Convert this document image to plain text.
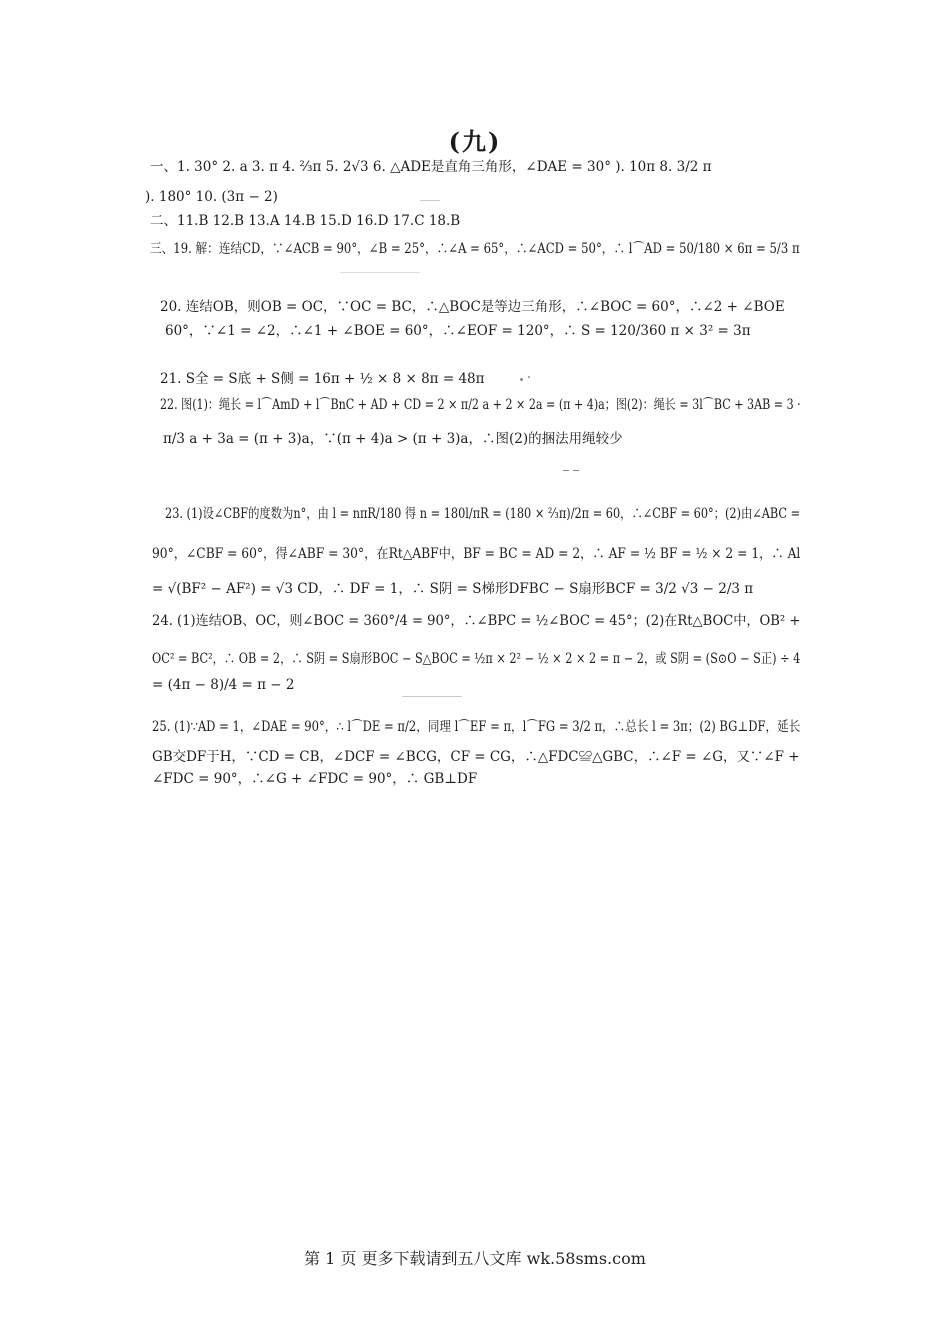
(九)
一、1. 30° 2. a 3. π 4. ⅔π 5. 2√3 6. △ADE是直角三角形，∠DAE = 30° ). 10π 8. 3/2 π
). 180° 10. (3π − 2)
二、11.B 12.B 13.A 14.B 15.D 16.D 17.C 18.B
三、19. 解：连结CD，∵∠ACB = 90°，∠B = 25°，∴∠A = 65°，∴∠ACD = 50°，∴ l⌒AD = 50/180 × 6π = 5/3 π
20. 连结OB，则OB = OC，∵OC = BC，∴△BOC是等边三角形，∴∠BOC = 60°，∴∠2 + ∠BOE
60°，∵∠1 = ∠2，∴∠1 + ∠BOE = 60°，∴∠EOF = 120°，∴ S = 120/360 π × 3² = 3π
21. S全 = S底 + S侧 = 16π + ½ × 8 × 8π = 48π
22. 图(1)：绳长 = l⌒AmD + l⌒BnC + AD + CD = 2 × π/2 a + 2 × 2a = (π + 4)a；图(2)：绳长 = 3l⌒BC + 3AB = 3 ·
π/3 a + 3a = (π + 3)a，∵(π + 4)a > (π + 3)a，∴图(2)的捆法用绳较少
23. (1)设∠CBF的度数为n°，由 l = nπR/180 得 n = 180l/πR = (180 × ⅔π)/2π = 60，∴∠CBF = 60°；(2)由∠ABC =
90°，∠CBF = 60°，得∠ABF = 30°，在Rt△ABF中，BF = BC = AD = 2，∴ AF = ½ BF = ½ × 2 = 1，∴ Al
= √(BF² − AF²) = √3 CD，∴ DF = 1，∴ S阴 = S梯形DFBC − S扇形BCF = 3/2 √3 − 2/3 π
24. (1)连结OB、OC，则∠BOC = 360°/4 = 90°，∴∠BPC = ½∠BOC = 45°；(2)在Rt△BOC中，OB² +
OC² = BC²，∴ OB = 2，∴ S阴 = S扇形BOC − S△BOC = ½π × 2² − ½ × 2 × 2 = π − 2，或 S阴 = (S⊙O − S正) ÷ 4
= (4π − 8)/4 = π − 2
25. (1)∵AD = 1，∠DAE = 90°，∴ l⌒DE = π/2，同理 l⌒EF = π，l⌒FG = 3/2 π，∴总长 l = 3π；(2) BG⊥DF，延长
GB交DF于H，∵CD = CB，∠DCF = ∠BCG，CF = CG，∴△FDC≌△GBC，∴∠F = ∠G，又∵∠F +
∠FDC = 90°，∴∠G + ∠FDC = 90°，∴ GB⊥DF
第 1 页 更多下载请到五八文库 wk.58sms.com
